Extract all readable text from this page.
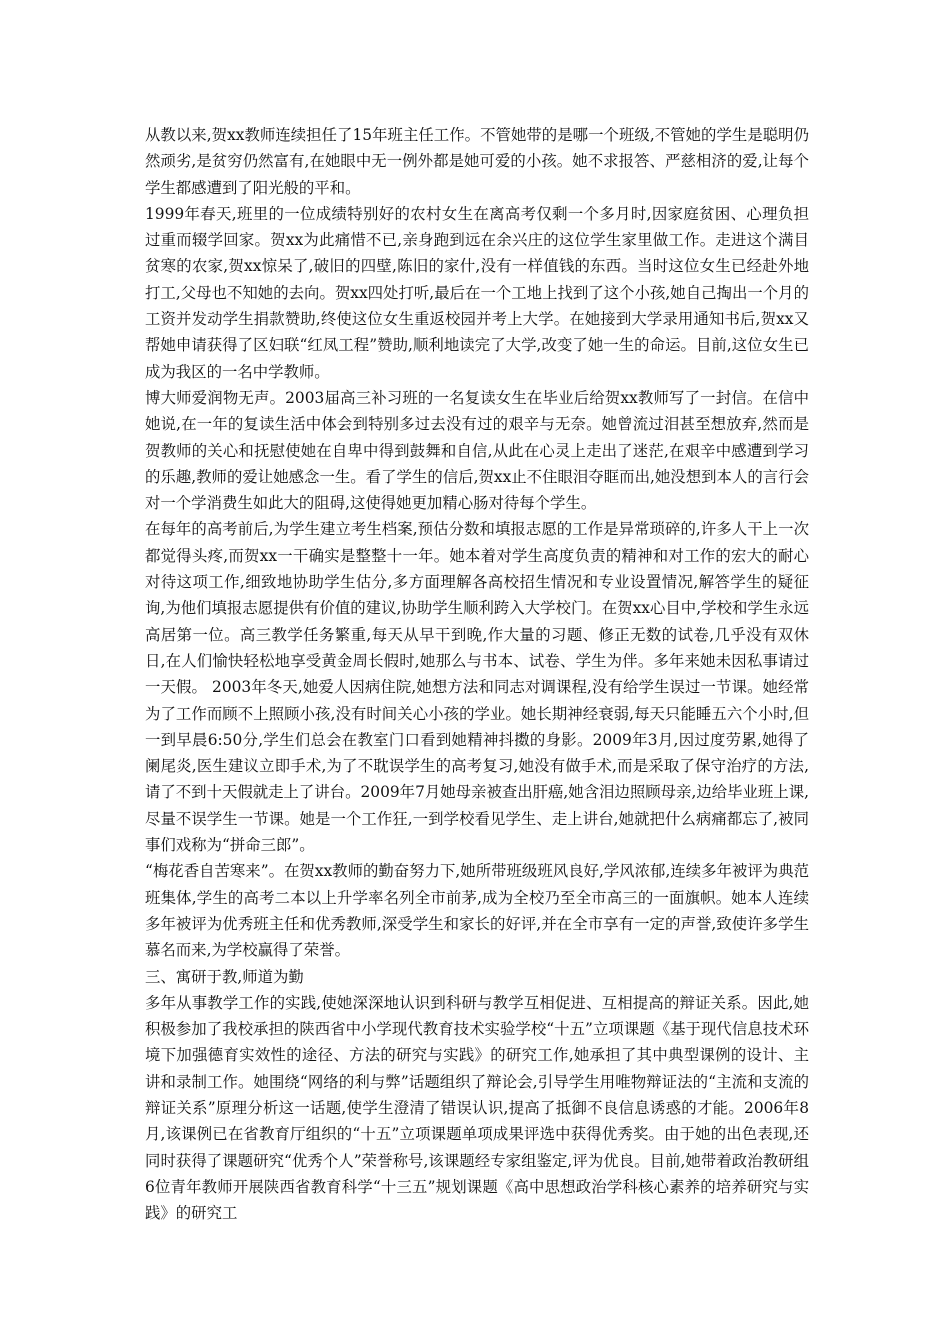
从教以来,贺xx教师连续担任了15年班主任工作。不管她带的是哪一个班级,不管她的学生是聪明仍然顽劣,是贫穷仍然富有,在她眼中无一例外都是她可爱的小孩。她不求报答、严慈相济的爱,让每个学生都感遭到了阳光般的平和。

1999年春天,班里的一位成绩特别好的农村女生在离高考仅剩一个多月时,因家庭贫困、心理负担过重而辍学回家。贺xx为此痛惜不已,亲身跑到远在余兴庄的这位学生家里做工作。走进这个满目贫寒的农家,贺xx惊呆了,破旧的四壁,陈旧的家什,没有一样值钱的东西。当时这位女生已经赴外地打工,父母也不知她的去向。贺xx四处打听,最后在一个工地上找到了这个小孩,她自己掏出一个月的工资并发动学生捐款赞助,终使这位女生重返校园并考上大学。在她接到大学录用通知书后,贺xx又帮她申请获得了区妇联“红凤工程”赞助,顺利地读完了大学,改变了她一生的命运。目前,这位女生已成为我区的一名中学教师。

博大师爱润物无声。2003届高三补习班的一名复读女生在毕业后给贺xx教师写了一封信。在信中她说,在一年的复读生活中体会到特别多过去没有过的艰辛与无奈。她曾流过泪甚至想放弃,然而是贺教师的关心和抚慰使她在自卑中得到鼓舞和自信,从此在心灵上走出了迷茫,在艰辛中感遭到学习的乐趣,教师的爱让她感念一生。看了学生的信后,贺xx止不住眼泪夺眶而出,她没想到本人的言行会对一个学消费生如此大的阻碍,这使得她更加精心肠对待每个学生。

在每年的高考前后,为学生建立考生档案,预估分数和填报志愿的工作是异常琐碎的,许多人干上一次都觉得头疼,而贺xx一干确实是整整十一年。她本着对学生高度负责的精神和对工作的宏大的耐心对待这项工作,细致地协助学生估分,多方面理解各高校招生情况和专业设置情况,解答学生的疑征询,为他们填报志愿提供有价值的建议,协助学生顺利跨入大学校门。在贺xx心目中,学校和学生永远高居第一位。高三教学任务繁重,每天从早干到晚,作大量的习题、修正无数的试卷,几乎没有双休日,在人们愉快轻松地享受黄金周长假时,她那么与书本、试卷、学生为伴。多年来她未因私事请过一天假。 2003年冬天,她爱人因病住院,她想方法和同志对调课程,没有给学生误过一节课。她经常为了工作而顾不上照顾小孩,没有时间关心小孩的学业。她长期神经衰弱,每天只能睡五六个小时,但一到早晨6:50分,学生们总会在教室门口看到她精神抖擞的身影。2009年3月,因过度劳累,她得了阑尾炎,医生建议立即手术,为了不耽误学生的高考复习,她没有做手术,而是采取了保守治疗的方法,请了不到十天假就走上了讲台。2009年7月她母亲被查出肝癌,她含泪边照顾母亲,边给毕业班上课,尽量不误学生一节课。她是一个工作狂,一到学校看见学生、走上讲台,她就把什么病痛都忘了,被同事们戏称为“拼命三郎”。

“梅花香自苦寒来”。在贺xx教师的勤奋努力下,她所带班级班风良好,学风浓郁,连续多年被评为典范班集体,学生的高考二本以上升学率名列全市前茅,成为全校乃至全市高三的一面旗帜。她本人连续多年被评为优秀班主任和优秀教师,深受学生和家长的好评,并在全市享有一定的声誉,致使许多学生慕名而来,为学校赢得了荣誉。

三、寓研于教,师道为勤

多年从事教学工作的实践,使她深深地认识到科研与教学互相促进、互相提高的辩证关系。因此,她积极参加了我校承担的陕西省中小学现代教育技术实验学校“十五”立项课题《基于现代信息技术环境下加强德育实效性的途径、方法的研究与实践》的研究工作,她承担了其中典型课例的设计、主讲和录制工作。她围绕“网络的利与弊”话题组织了辩论会,引导学生用唯物辩证法的“主流和支流的辩证关系”原理分析这一话题,使学生澄清了错误认识,提高了抵御不良信息诱惑的才能。2006年8月,该课例已在省教育厅组织的“十五”立项课题单项成果评选中获得优秀奖。由于她的出色表现,还同时获得了课题研究“优秀个人”荣誉称号,该课题经专家组鉴定,评为优良。目前,她带着政治教研组6位青年教师开展陕西省教育科学“十三五”规划课题《高中思想政治学科核心素养的培养研究与实践》的研究工
